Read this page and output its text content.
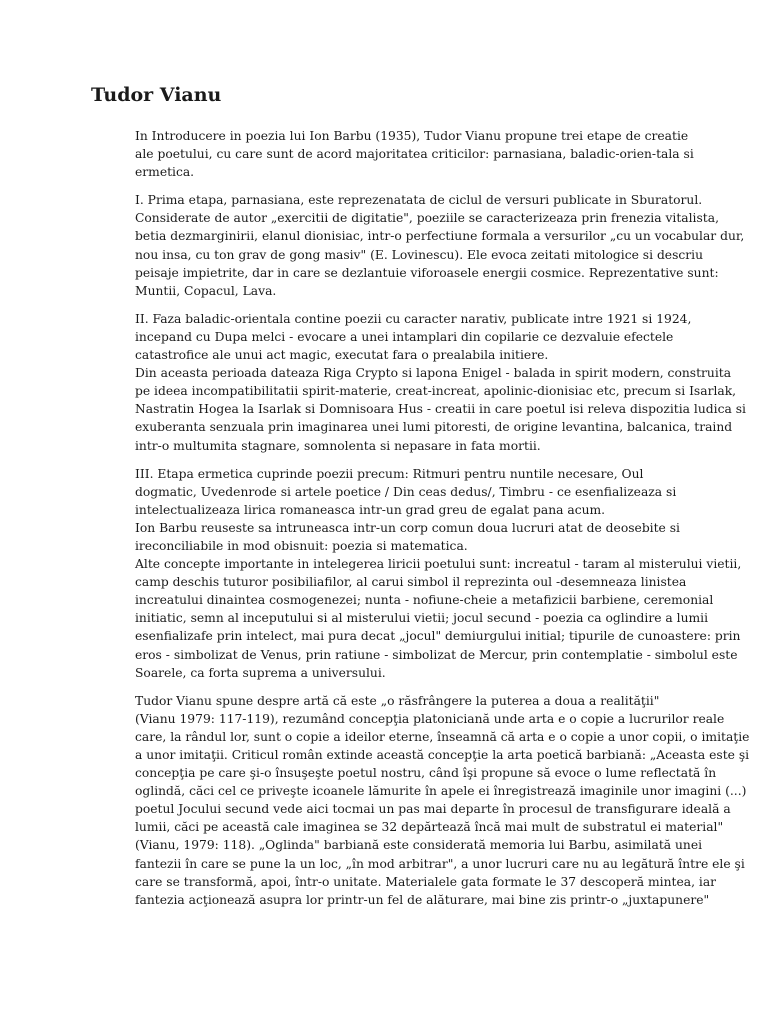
Tudor Vianu
In Introducere in poezia lui Ion Barbu (1935), Tudor Vianu propune trei etape de creatie
ale poetului, cu care sunt de acord majoritatea criticilor: parnasiana, baladic-orien-tala si
ermetica.
I. Prima etapa, parnasiana, este reprezenatata de ciclul de versuri publicate in Sburatorul.
Considerate de autor „exercitii de digitatie", poeziile se caracterizeaza prin frenezia vitalista,
betia dezmarginirii, elanul dionisiac, intr-o perfectiune formala a versurilor „cu un vocabular dur,
nou insa, cu ton grav de gong masiv" (E. Lovinescu). Ele evoca zeitati mitologice si descriu
peisaje impietrite, dar in care se dezlantuie viforoasele energii cosmice. Reprezentative sunt:
Muntii, Copacul, Lava.
II. Faza baladic-orientala contine poezii cu caracter narativ, publicate intre 1921 si 1924,
incepand cu Dupa melci - evocare a unei intamplari din copilarie ce dezvaluie efectele
catastrofice ale unui act magic, executat fara o prealabila initiere.
Din aceasta perioada dateaza Riga Crypto si lapona Enigel - balada in spirit modern, construita
pe ideea incompatibilitatii spirit-materie, creat-increat, apolinic-dionisiac etc, precum si Isarlak,
Nastratin Hogea la Isarlak si Domnisoara Hus - creatii in care poetul isi releva dispozitia ludica si
exuberanta senzuala prin imaginarea unei lumi pitoresti, de origine levantina, balcanica, traind
intr-o multumita stagnare, somnolenta si nepasare in fata mortii.
III. Etapa ermetica cuprinde poezii precum: Ritmuri pentru nuntile necesare, Oul
dogmatic, Uvedenrode si artele poetice / Din ceas dedus/, Timbru - ce esenfializeaza si
intelectualizeaza lirica romaneasca intr-un grad greu de egalat pana acum.
Ion Barbu reuseste sa intruneasca intr-un corp comun doua lucruri atat de deosebite si
ireconciliabile in mod obisnuit: poezia si matematica.
Alte concepte importante in intelegerea liricii poetului sunt: increatul - taram al misterului vietii,
camp deschis tuturor posibiliafilor, al carui simbol il reprezinta oul -desemneaza linistea
increatului dinaintea cosmogenezei; nunta - nofiune-cheie a metafizicii barbiene, ceremonial
initiatic, semn al inceputului si al misterului vietii; jocul secund - poezia ca oglindire a lumii
esenfializafe prin intelect, mai pura decat „jocul" demiurgului initial; tipurile de cunoastere: prin
eros - simbolizat de Venus, prin ratiune - simbolizat de Mercur, prin contemplatie - simbolul este
Soarele, ca forta suprema a universului.
Tudor Vianu spune despre artă că este „o răsfrângere la puterea a doua a realităţii"
(Vianu 1979: 117-119), rezumând concepţia platoniciană unde arta e o copie a lucrurilor reale
care, la rândul lor, sunt o copie a ideilor eterne, înseamnă că arta e o copie a unor copii, o imitaţie
a unor imitaţii. Criticul român extinde această concepţie la arta poetică barbiană: „Aceasta este şi
concepţia pe care şi-o însuşeşte poetul nostru, când îşi propune să evoce o lume reflectată în
oglindă, căci cel ce priveşte icoanele lămurite în apele ei înregistrează imaginile unor imagini (...)
poetul Jocului secund vede aici tocmai un pas mai departe în procesul de transfigurare ideală a
lumii, căci pe această cale imaginea se 32 depărtează încă mai mult de substratul ei material"
(Vianu, 1979: 118). „Oglinda" barbiană este considerată memoria lui Barbu, asimilată unei
fantezii în care se pune la un loc, „în mod arbitrar", a unor lucruri care nu au legătură între ele şi
care se transformă, apoi, într-o unitate. Materialele gata formate le 37 descoperă mintea, iar
fantezia acţionează asupra lor printr-un fel de alăturare, mai bine zis printr-o „juxtapunere"
